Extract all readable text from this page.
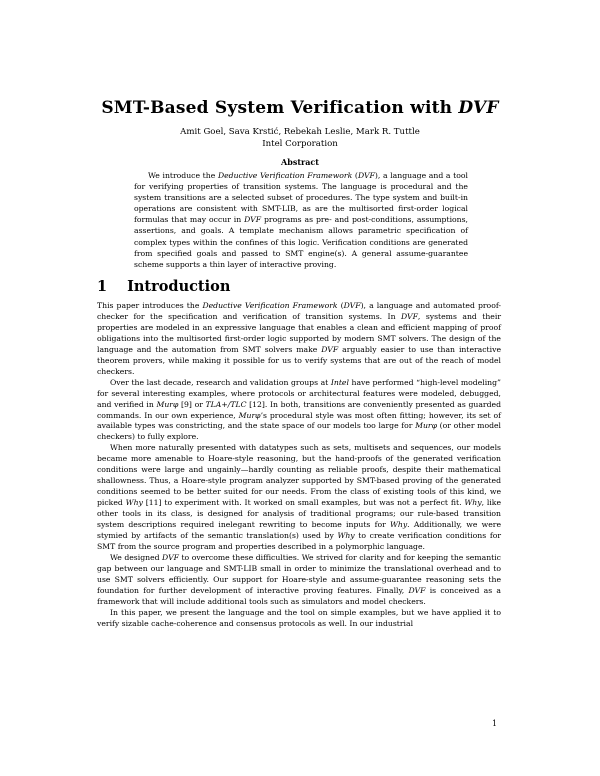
SMT-Based System Verification with DVF
Amit Goel, Sava Krstić, Rebekah Leslie, Mark R. Tuttle
Intel Corporation
Abstract
We introduce the Deductive Verification Framework (DVF), a language and a tool for verifying properties of transition systems. The language is procedural and the system transitions are a selected subset of procedures. The type system and built-in operations are consistent with SMT-LIB, as are the multisorted first-order logical formulas that may occur in DVF programs as pre- and post-conditions, assumptions, assertions, and goals. A template mechanism allows parametric specification of complex types within the confines of this logic. Verification conditions are generated from specified goals and passed to SMT engine(s). A general assume-guarantee scheme supports a thin layer of interactive proving.
1 Introduction

This paper introduces the Deductive Verification Framework (DVF), a language and automated proof-checker for the specification and verification of transition systems. In DVF, systems and their properties are modeled in an expressive language that enables a clean and efficient mapping of proof obligations into the multisorted first-order logic supported by modern SMT solvers. The design of the language and the automation from SMT solvers make DVF arguably easier to use than interactive theorem provers, while making it possible for us to verify systems that are out of the reach of model checkers.

Over the last decade, research and validation groups at Intel have performed “high-level modeling” for several interesting examples, where protocols or architectural features were modeled, debugged, and verified in Murφ [9] or TLA+/TLC [12]. In both, transitions are conveniently presented as guarded commands. In our own experience, Murφ’s procedural style was most often fitting; however, its set of available types was constricting, and the state space of our models too large for Murφ (or other model checkers) to fully explore.

When more naturally presented with datatypes such as sets, multisets and sequences, our models became more amenable to Hoare-style reasoning, but the hand-proofs of the generated verification conditions were large and ungainly—hardly counting as reliable proofs, despite their mathematical shallowness. Thus, a Hoare-style program analyzer supported by SMT-based proving of the generated conditions seemed to be better suited for our needs. From the class of existing tools of this kind, we picked Why [11] to experiment with. It worked on small examples, but was not a perfect fit. Why, like other tools in its class, is designed for analysis of traditional programs; our rule-based transition system descriptions required inelegant rewriting to become inputs for Why. Additionally, we were stymied by artifacts of the semantic translation(s) used by Why to create verification conditions for SMT from the source program and properties described in a polymorphic language.

We designed DVF to overcome these difficulties. We strived for clarity and for keeping the semantic gap between our language and SMT-LIB small in order to minimize the translational overhead and to use SMT solvers efficiently. Our support for Hoare-style and assume-guarantee reasoning sets the foundation for further development of interactive proving features. Finally, DVF is conceived as a framework that will include additional tools such as simulators and model checkers.

In this paper, we present the language and the tool on simple examples, but we have applied it to verify sizable cache-coherence and consensus protocols as well. In our industrial

1
